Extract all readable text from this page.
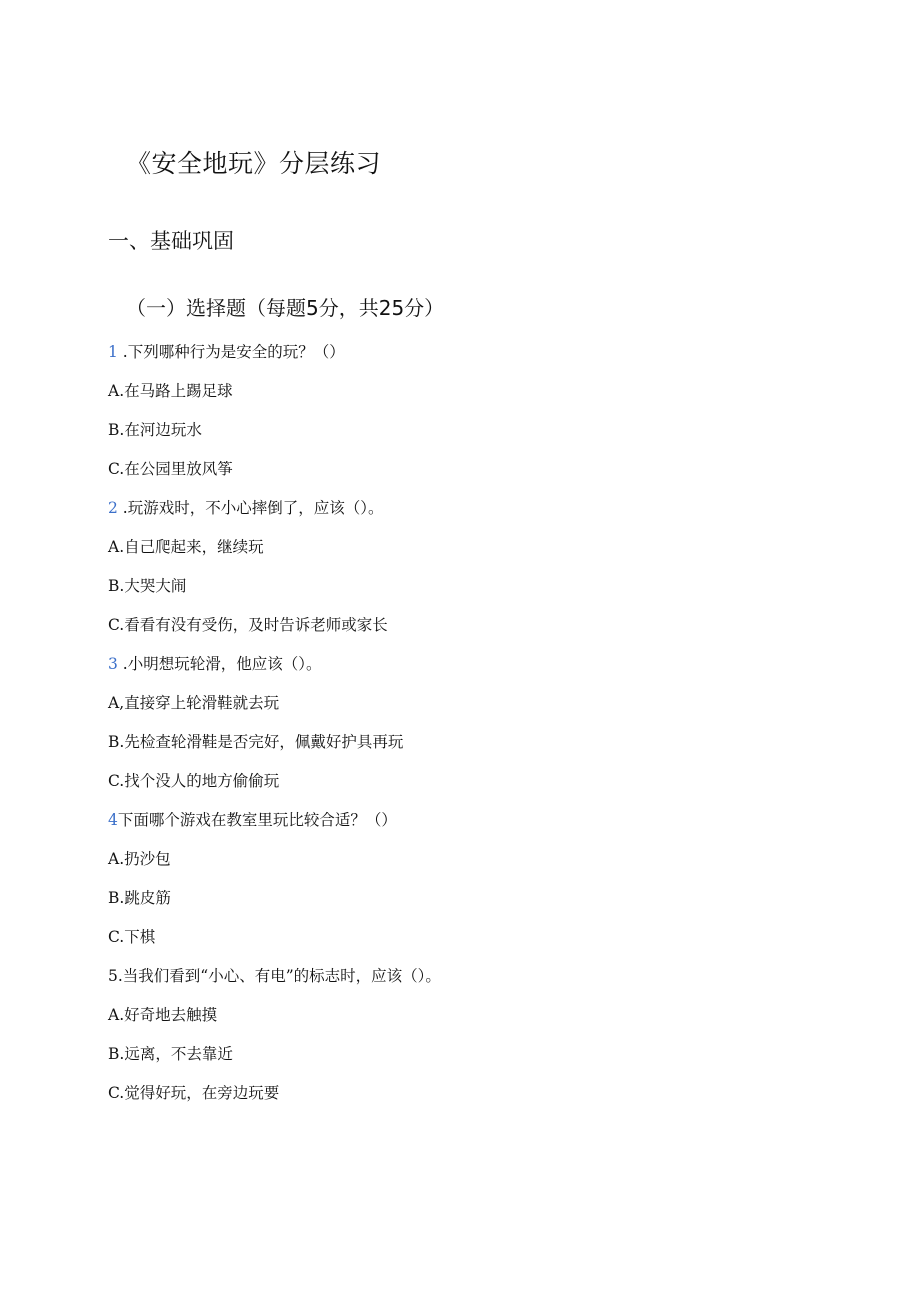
《安全地玩》分层练习
一、基础巩固
（一）选择题（每题5分，共25分）
1 .下列哪种行为是安全的玩？（）
A.在马路上踢足球
B.在河边玩水
C.在公园里放风筝
2 .玩游戏时，不小心摔倒了，应该（）。
A.自己爬起来，继续玩
B.大哭大闹
C.看看有没有受伤，及时告诉老师或家长
3 .小明想玩轮滑，他应该（）。
A,直接穿上轮滑鞋就去玩
B.先检查轮滑鞋是否完好，佩戴好护具再玩
C.找个没人的地方偷偷玩
4下面哪个游戏在教室里玩比较合适？（）
A.扔沙包
B.跳皮筋
C.下棋
5.当我们看到“小心、有电”的标志时，应该（）。
A.好奇地去触摸
B.远离，不去靠近
C.觉得好玩，在旁边玩要
